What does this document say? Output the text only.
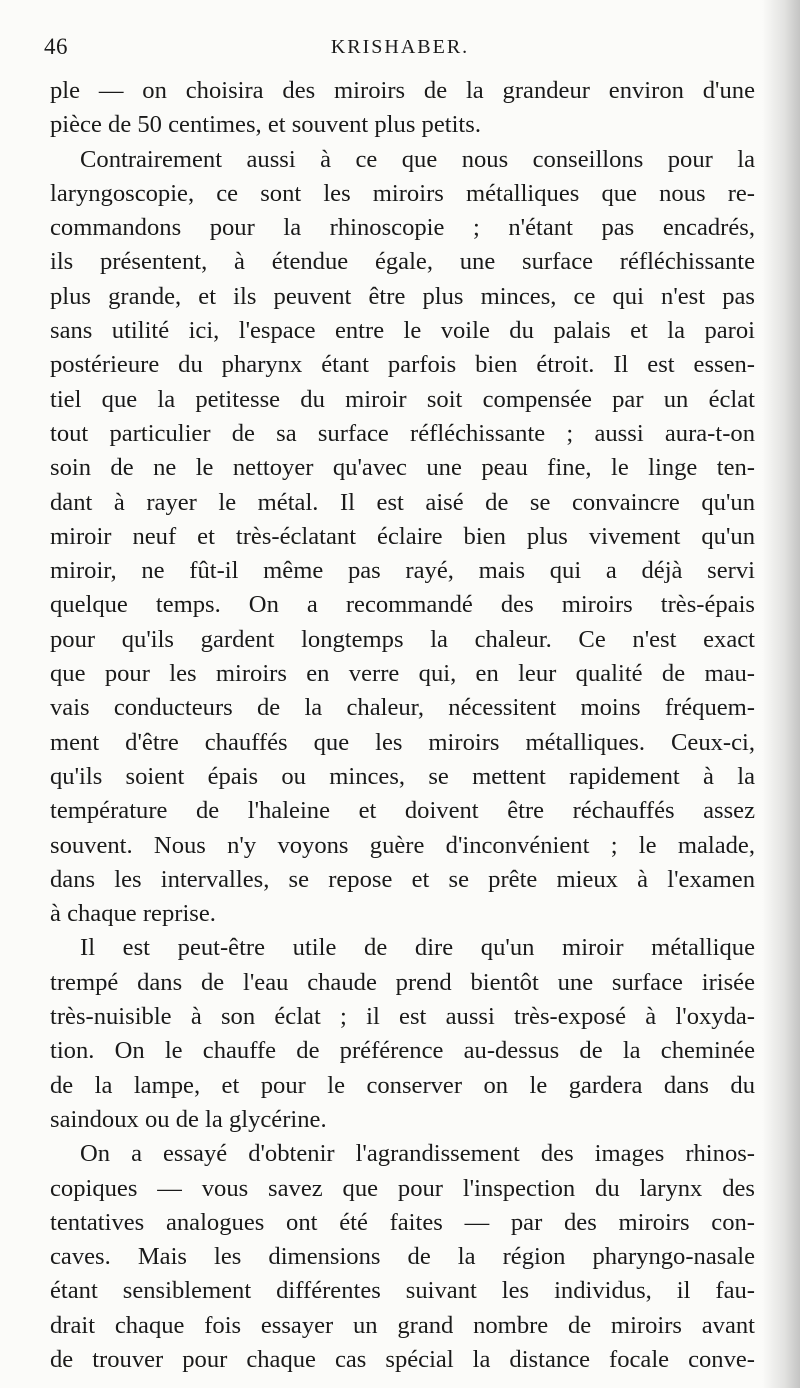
46	KRISHABER.
ple — on choisira des miroirs de la grandeur environ d'une
pièce de 50 centimes, et souvent plus petits.
Contrairement aussi à ce que nous conseillons pour la
laryngoscopie, ce sont les miroirs métalliques que nous re-
commandons pour la rhinoscopie ; n'étant pas encadrés,
ils présentent, à étendue égale, une surface réfléchissante
plus grande, et ils peuvent être plus minces, ce qui n'est pas
sans utilité ici, l'espace entre le voile du palais et la paroi
postérieure du pharynx étant parfois bien étroit. Il est essen-
tiel que la petitesse du miroir soit compensée par un éclat
tout particulier de sa surface réfléchissante ; aussi aura-t-on
soin de ne le nettoyer qu'avec une peau fine, le linge ten-
dant à rayer le métal. Il est aisé de se convaincre qu'un
miroir neuf et très-éclatant éclaire bien plus vivement qu'un
miroir, ne fût-il même pas rayé, mais qui a déjà servi
quelque temps. On a recommandé des miroirs très-épais
pour qu'ils gardent longtemps la chaleur. Ce n'est exact
que pour les miroirs en verre qui, en leur qualité de mau-
vais conducteurs de la chaleur, nécessitent moins fréquem-
ment d'être chauffés que les miroirs métalliques. Ceux-ci,
qu'ils soient épais ou minces, se mettent rapidement à la
température de l'haleine et doivent être réchauffés assez
souvent. Nous n'y voyons guère d'inconvénient ; le malade,
dans les intervalles, se repose et se prête mieux à l'examen
à chaque reprise.
Il est peut-être utile de dire qu'un miroir métallique
trempé dans de l'eau chaude prend bientôt une surface irisée
très-nuisible à son éclat ; il est aussi très-exposé à l'oxyda-
tion. On le chauffe de préférence au-dessus de la cheminée
de la lampe, et pour le conserver on le gardera dans du
saindoux ou de la glycérine.
On a essayé d'obtenir l'agrandissement des images rhinos-
copiques — vous savez que pour l'inspection du larynx des
tentatives analogues ont été faites — par des miroirs con-
caves. Mais les dimensions de la région pharyngo-nasale
étant sensiblement différentes suivant les individus, il fau-
drait chaque fois essayer un grand nombre de miroirs avant
de trouver pour chaque cas spécial la distance focale conve-
